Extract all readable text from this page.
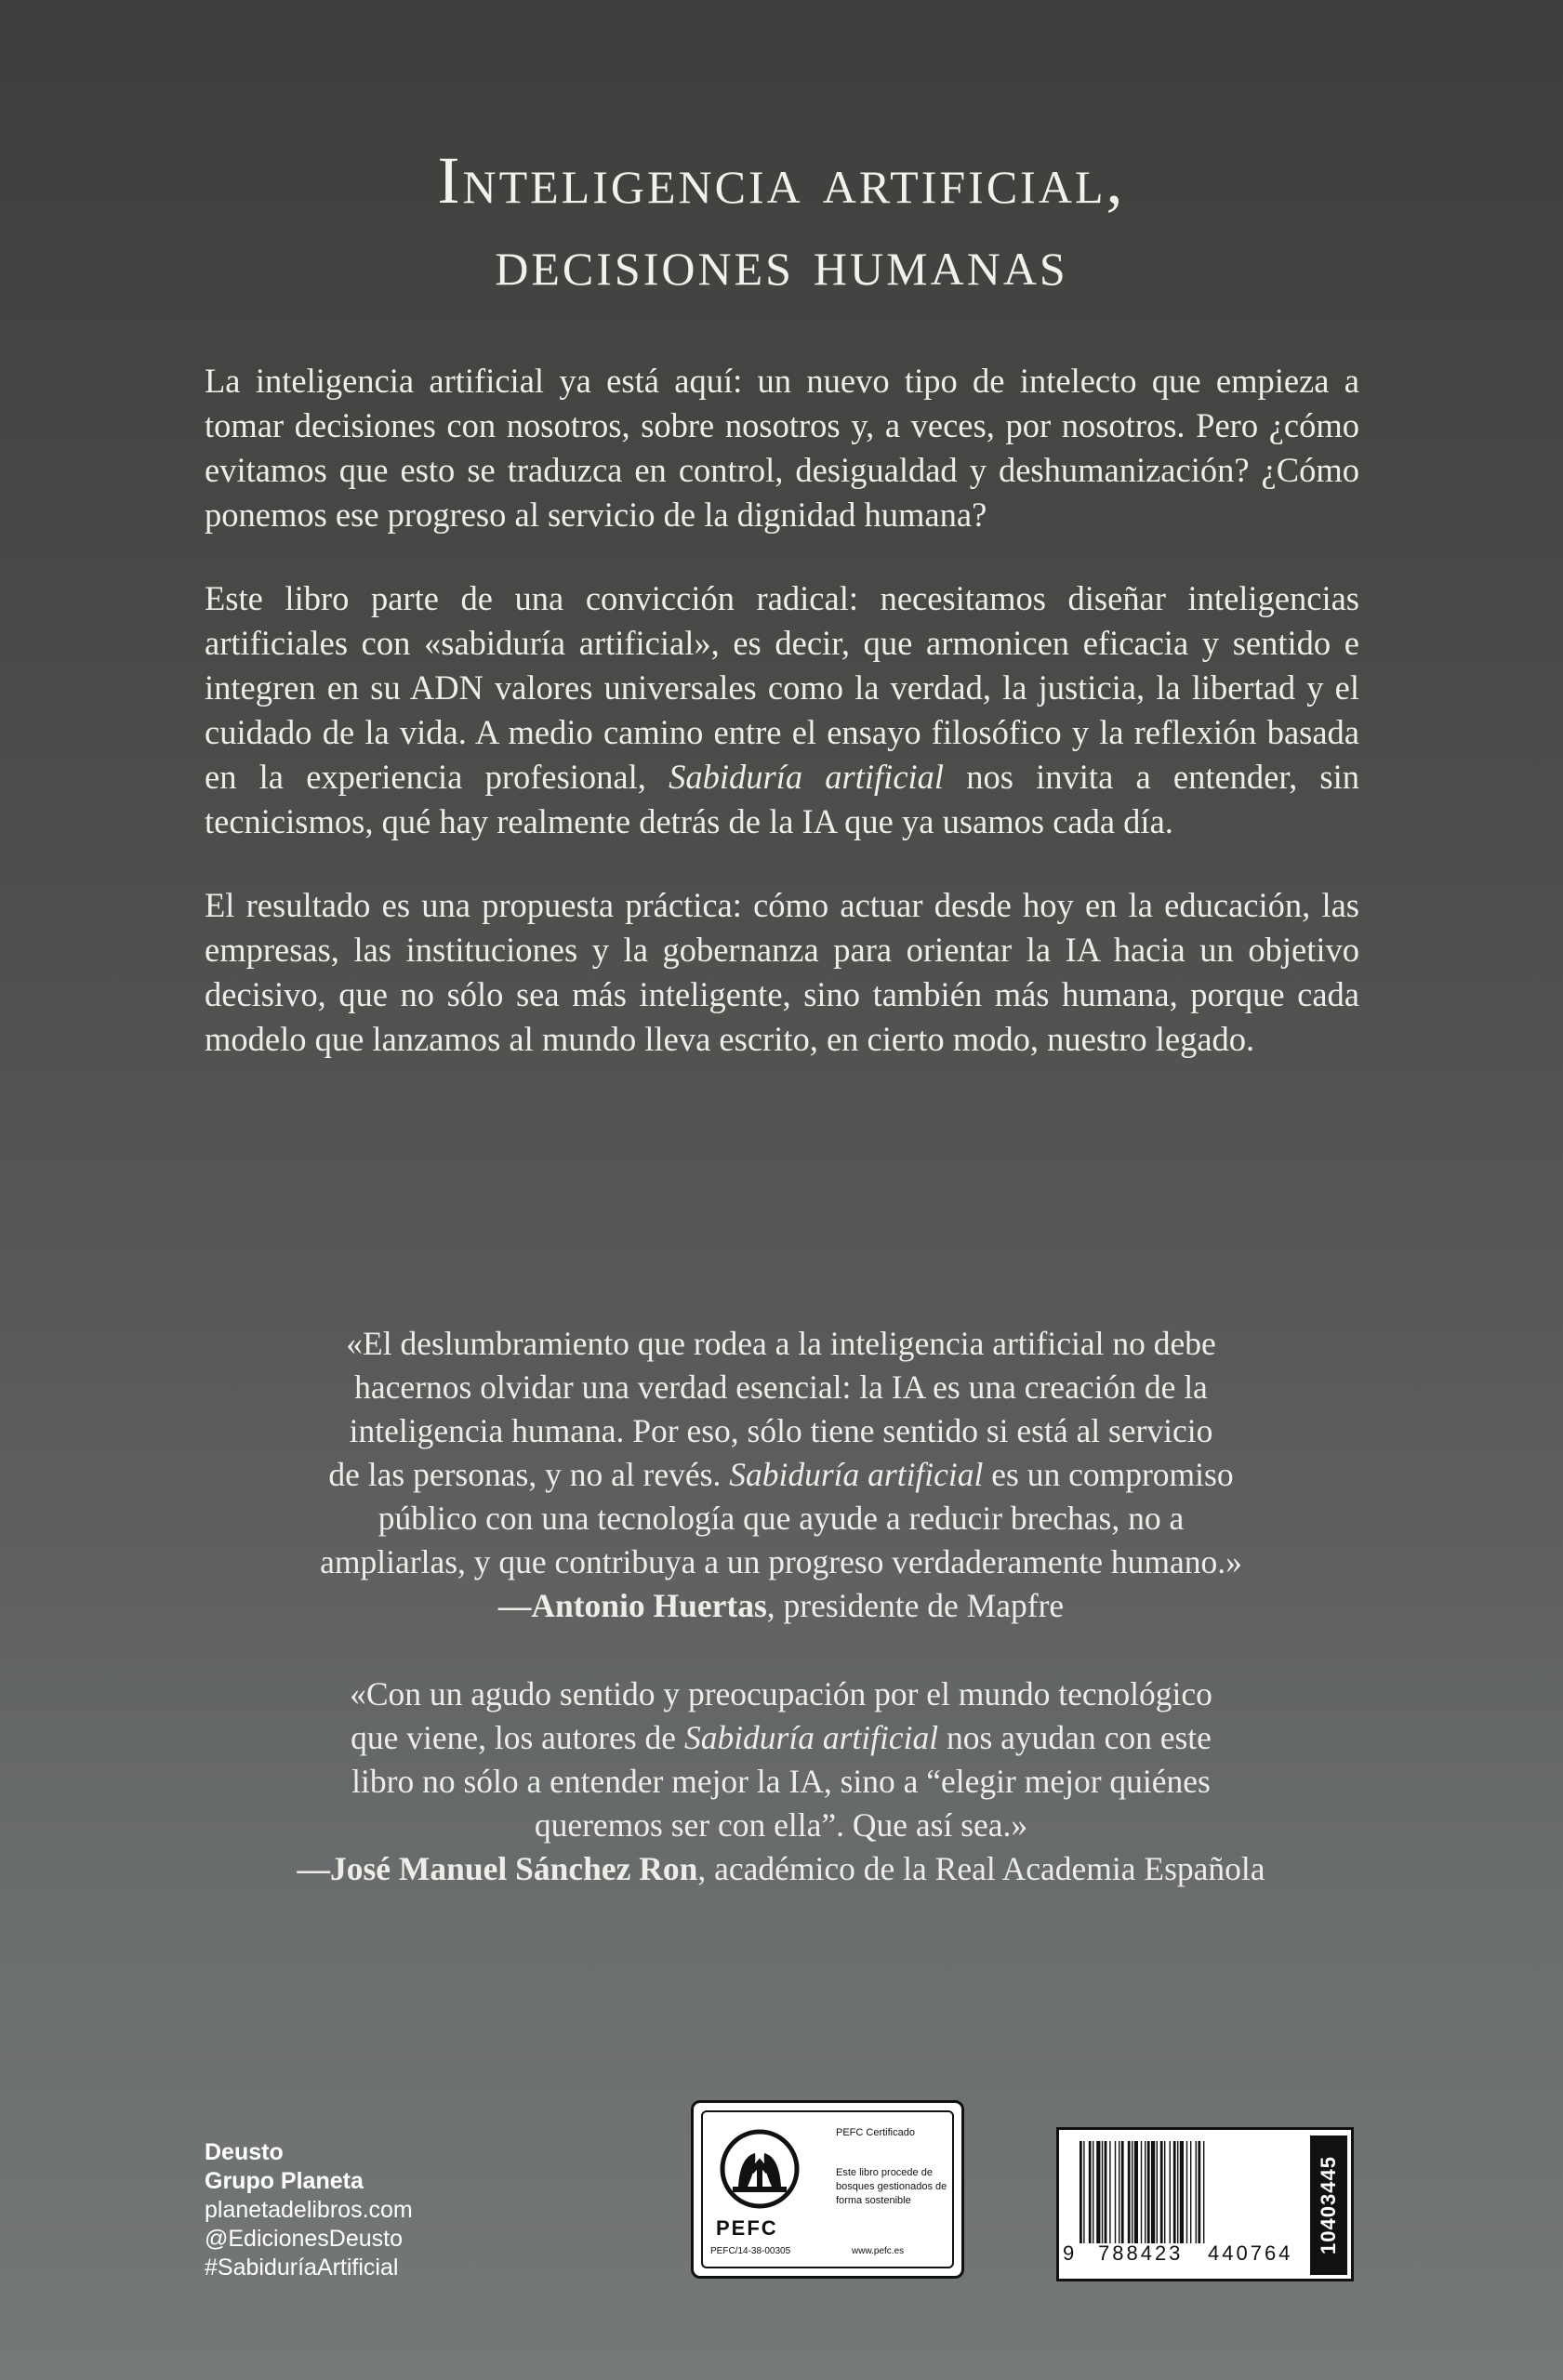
Inteligencia artificial,
decisiones humanas

La inteligencia artificial ya está aquí: un nuevo tipo de intelecto que empieza a tomar decisiones con nosotros, sobre nosotros y, a veces, por nosotros. Pero ¿cómo evitamos que esto se traduzca en control, desigualdad y deshumanización? ¿Cómo ponemos ese progreso al servicio de la dignidad humana?

Este libro parte de una convicción radical: necesitamos diseñar inteligencias artificiales con «sabiduría artificial», es decir, que armonicen eficacia y sentido e integren en su ADN valores universales como la verdad, la justicia, la libertad y el cuidado de la vida. A medio camino entre el ensayo filosófico y la reflexión basada en la experiencia profesional, Sabiduría artificial nos invita a entender, sin tecnicismos, qué hay realmente detrás de la IA que ya usamos cada día.

El resultado es una propuesta práctica: cómo actuar desde hoy en la educación, las empresas, las instituciones y la gobernanza para orientar la IA hacia un objetivo decisivo, que no sólo sea más inteligente, sino también más humana, porque cada modelo que lanzamos al mundo lleva escrito, en cierto modo, nuestro legado.

«El deslumbramiento que rodea a la inteligencia artificial no debe
hacernos olvidar una verdad esencial: la IA es una creación de la
inteligencia humana. Por eso, sólo tiene sentido si está al servicio
de las personas, y no al revés. Sabiduría artificial es un compromiso
público con una tecnología que ayude a reducir brechas, no a
ampliarlas, y que contribuya a un progreso verdaderamente humano.»
—Antonio Huertas, presidente de Mapfre
«Con un agudo sentido y preocupación por el mundo tecnológico
que viene, los autores de Sabiduría artificial nos ayudan con este
libro no sólo a entender mejor la IA, sino a “elegir mejor quiénes
queremos ser con ella”. Que así sea.»
—José Manuel Sánchez Ron, académico de la Real Academia Española
Deusto
Grupo Planeta
planetadelibros.com
@EdicionesDeusto
#SabiduríaArtificial
PEFC
PEFC Certificado
Este libro procede de bosques gestionados de forma sostenible
PEFC/14-38-00305	www.pefc.es	9 788423 440764 10403445
